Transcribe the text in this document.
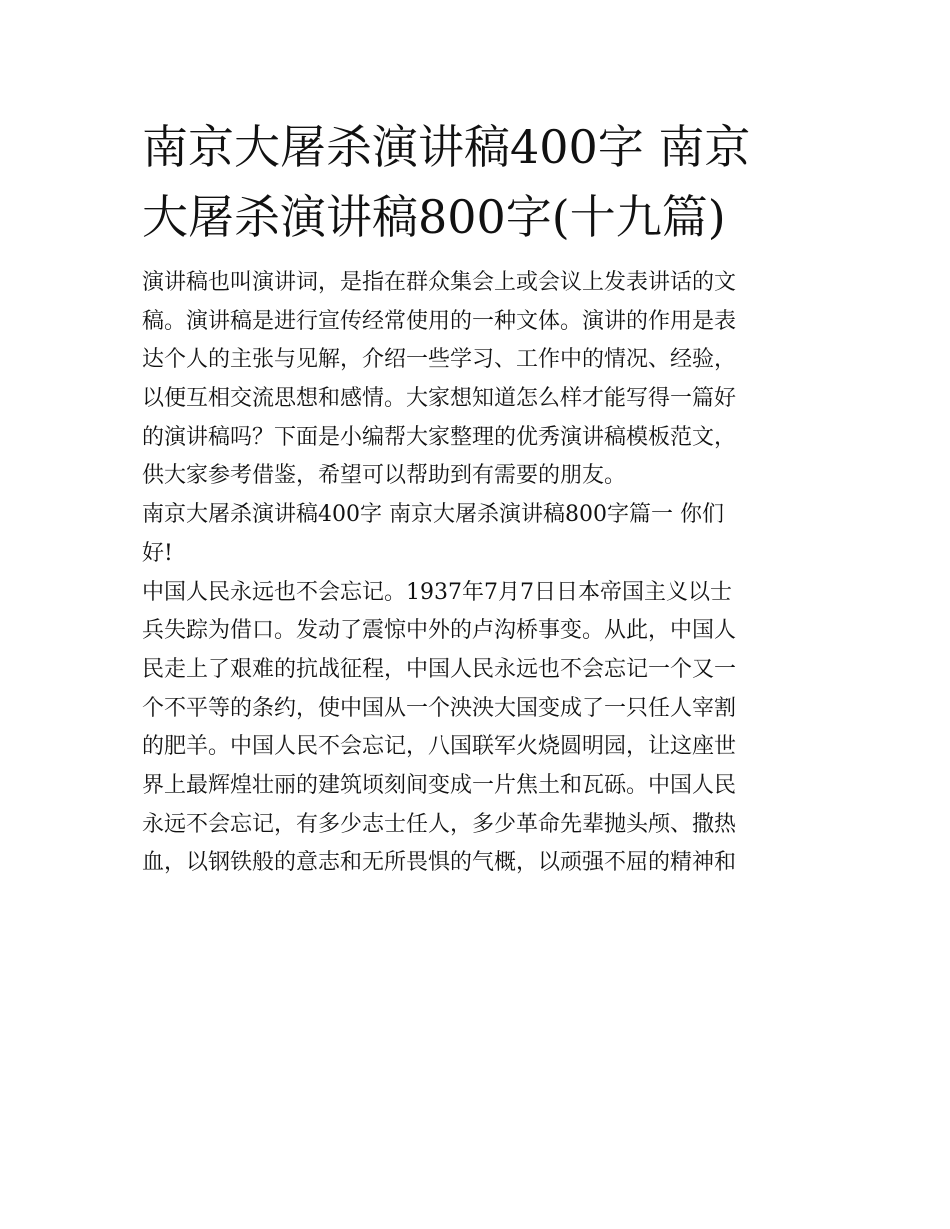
南京大屠杀演讲稿400字 南京
大屠杀演讲稿800字(十九篇)

演讲稿也叫演讲词，是指在群众集会上或会议上发表讲话的文
稿。演讲稿是进行宣传经常使用的一种文体。演讲的作用是表
达个人的主张与见解，介绍一些学习、工作中的情况、经验，
以便互相交流思想和感情。大家想知道怎么样才能写得一篇好
的演讲稿吗？下面是小编帮大家整理的优秀演讲稿模板范文，
供大家参考借鉴，希望可以帮助到有需要的朋友。

南京大屠杀演讲稿400字 南京大屠杀演讲稿800字篇一 你们
好!

中国人民永远也不会忘记。1937年7月7日日本帝国主义以士
兵失踪为借口。发动了震惊中外的卢沟桥事变。从此，中国人
民走上了艰难的抗战征程，中国人民永远也不会忘记一个又一
个不平等的条约，使中国从一个泱泱大国变成了一只任人宰割
的肥羊。中国人民不会忘记，八国联军火烧圆明园，让这座世
界上最辉煌壮丽的建筑顷刻间变成一片焦土和瓦砾。中国人民
永远不会忘记，有多少志士任人，多少革命先辈抛头颅、撒热
血，以钢铁般的意志和无所畏惧的气概，以顽强不屈的精神和
